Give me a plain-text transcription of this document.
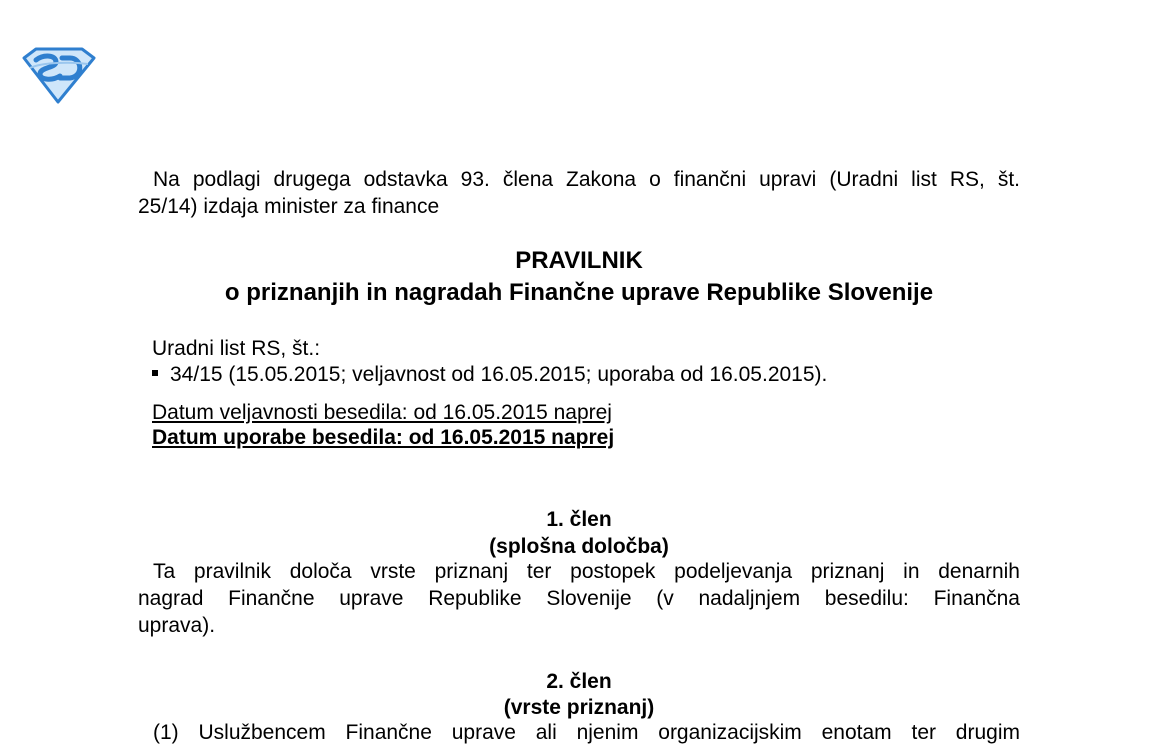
Na podlagi drugega odstavka 93. člena Zakona o finančni upravi (Uradni list RS, št.
25/14) izdaja minister za finance
PRAVILNIK
o priznanjih in nagradah Finančne uprave Republike Slovenije
Uradni list RS, št.:
34/15 (15.05.2015; veljavnost od 16.05.2015; uporaba od 16.05.2015).
Datum veljavnosti besedila: od 16.05.2015 naprej
Datum uporabe besedila: od 16.05.2015 naprej
1. člen
(splošna določba)
Ta pravilnik določa vrste priznanj ter postopek podeljevanja priznanj in denarnih
nagrad Finančne uprave Republike Slovenije (v nadaljnjem besedilu: Finančna
uprava).
2. člen
(vrste priznanj)
(1) Uslužbencem Finančne uprave ali njenim organizacijskim enotam ter drugim
